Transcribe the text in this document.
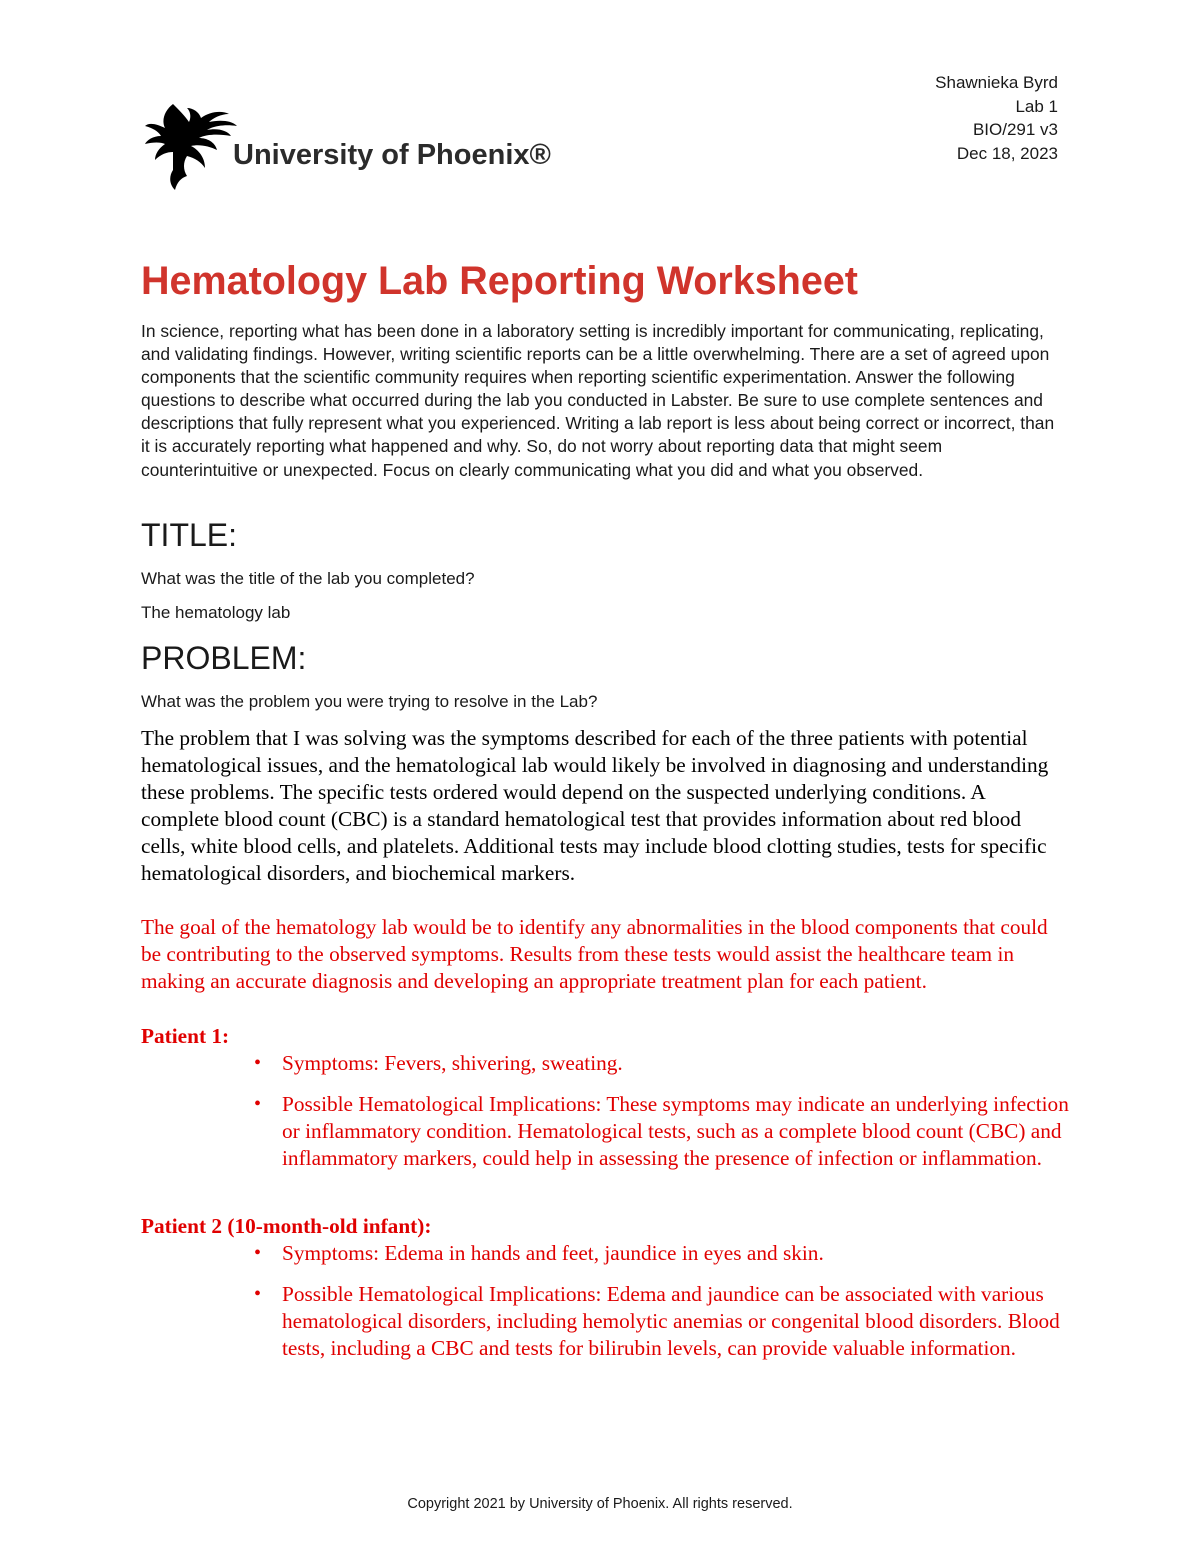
University of Phoenix®
Shawnieka Byrd
Lab 1
BIO/291 v3
Dec 18, 2023
Hematology Lab Reporting Worksheet

In science, reporting what has been done in a laboratory setting is incredibly important for communicating, replicating, and validating findings. However, writing scientific reports can be a little overwhelming. There are a set of agreed upon components that the scientific community requires when reporting scientific experimentation. Answer the following questions to describe what occurred during the lab you conducted in Labster. Be sure to use complete sentences and descriptions that fully represent what you experienced. Writing a lab report is less about being correct or incorrect, than it is accurately reporting what happened and why. So, do not worry about reporting data that might seem counterintuitive or unexpected. Focus on clearly communicating what you did and what you observed.

TITLE:

What was the title of the lab you completed?

The hematology lab

PROBLEM:

What was the problem you were trying to resolve in the Lab?

The problem that I was solving was the symptoms described for each of the three patients with potential hematological issues, and the hematological lab would likely be involved in diagnosing and understanding these problems. The specific tests ordered would depend on the suspected underlying conditions. A complete blood count (CBC) is a standard hematological test that provides information about red blood cells, white blood cells, and platelets. Additional tests may include blood clotting studies, tests for specific hematological disorders, and biochemical markers.

The goal of the hematology lab would be to identify any abnormalities in the blood components that could be contributing to the observed symptoms. Results from these tests would assist the healthcare team in making an accurate diagnosis and developing an appropriate treatment plan for each patient.

Patient 1:

• Symptoms: Fevers, shivering, sweating.
• Possible Hematological Implications: These symptoms may indicate an underlying infection or inflammatory condition. Hematological tests, such as a complete blood count (CBC) and inflammatory markers, could help in assessing the presence of infection or inflammation.

Patient 2 (10-month-old infant):

• Symptoms: Edema in hands and feet, jaundice in eyes and skin.
• Possible Hematological Implications: Edema and jaundice can be associated with various hematological disorders, including hemolytic anemias or congenital blood disorders. Blood tests, including a CBC and tests for bilirubin levels, can provide valuable information.
Copyright 2021 by University of Phoenix. All rights reserved.
